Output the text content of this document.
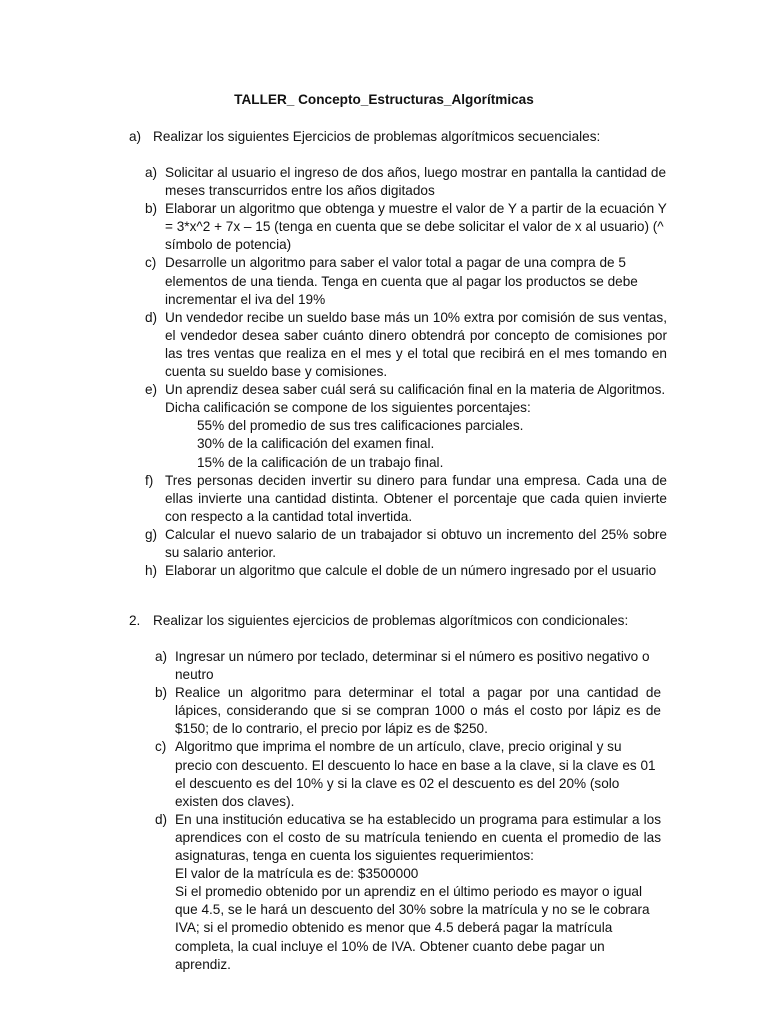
TALLER_ Concepto_Estructuras_Algorítmicas

a) Realizar los siguientes Ejercicios de problemas algorítmicos secuenciales:

a) Solicitar al usuario el ingreso de dos años, luego mostrar en pantalla la cantidad de meses transcurridos entre los años digitados
b) Elaborar un algoritmo que obtenga y muestre el valor de Y a partir de la ecuación Y = 3*x^2 + 7x – 15 (tenga en cuenta que se debe solicitar el valor de x al usuario) (^ símbolo de potencia)
c) Desarrolle un algoritmo para saber el valor total a pagar de una compra de 5 elementos de una tienda. Tenga en cuenta que al pagar los productos se debe incrementar el iva del 19%
d) Un vendedor recibe un sueldo base más un 10% extra por comisión de sus ventas, el vendedor desea saber cuánto dinero obtendrá por concepto de comisiones por las tres ventas que realiza en el mes y el total que recibirá en el mes tomando en cuenta su sueldo base y comisiones.
e) Un aprendiz desea saber cuál será su calificación final en la materia de Algoritmos. Dicha calificación se compone de los siguientes porcentajes:
55% del promedio de sus tres calificaciones parciales.
30% de la calificación del examen final.
15% de la calificación de un trabajo final.
f) Tres personas deciden invertir su dinero para fundar una empresa. Cada una de ellas invierte una cantidad distinta. Obtener el porcentaje que cada quien invierte con respecto a la cantidad total invertida.
g) Calcular el nuevo salario de un trabajador si obtuvo un incremento del 25% sobre su salario anterior.
h) Elaborar un algoritmo que calcule el doble de un número ingresado por el usuario

2. Realizar los siguientes ejercicios de problemas algorítmicos con condicionales:

a) Ingresar un número por teclado, determinar si el número es positivo negativo o neutro
b) Realice un algoritmo para determinar el total a pagar por una cantidad de lápices, considerando que si se compran 1000 o más el costo por lápiz es de $150; de lo contrario, el precio por lápiz es de $250.
c) Algoritmo que imprima el nombre de un artículo, clave, precio original y su precio con descuento. El descuento lo hace en base a la clave, si la clave es 01 el descuento es del 10% y si la clave es 02 el descuento es del 20% (solo existen dos claves).
d) En una institución educativa se ha establecido un programa para estimular a los aprendices con el costo de su matrícula teniendo en cuenta el promedio de las asignaturas, tenga en cuenta los siguientes requerimientos:
El valor de la matrícula es de: $3500000
Si el promedio obtenido por un aprendiz en el último periodo es mayor o igual que 4.5, se le hará un descuento del 30% sobre la matrícula y no se le cobrara IVA; si el promedio obtenido es menor que 4.5 deberá pagar la matrícula completa, la cual incluye el 10% de IVA. Obtener cuanto debe pagar un aprendiz.
